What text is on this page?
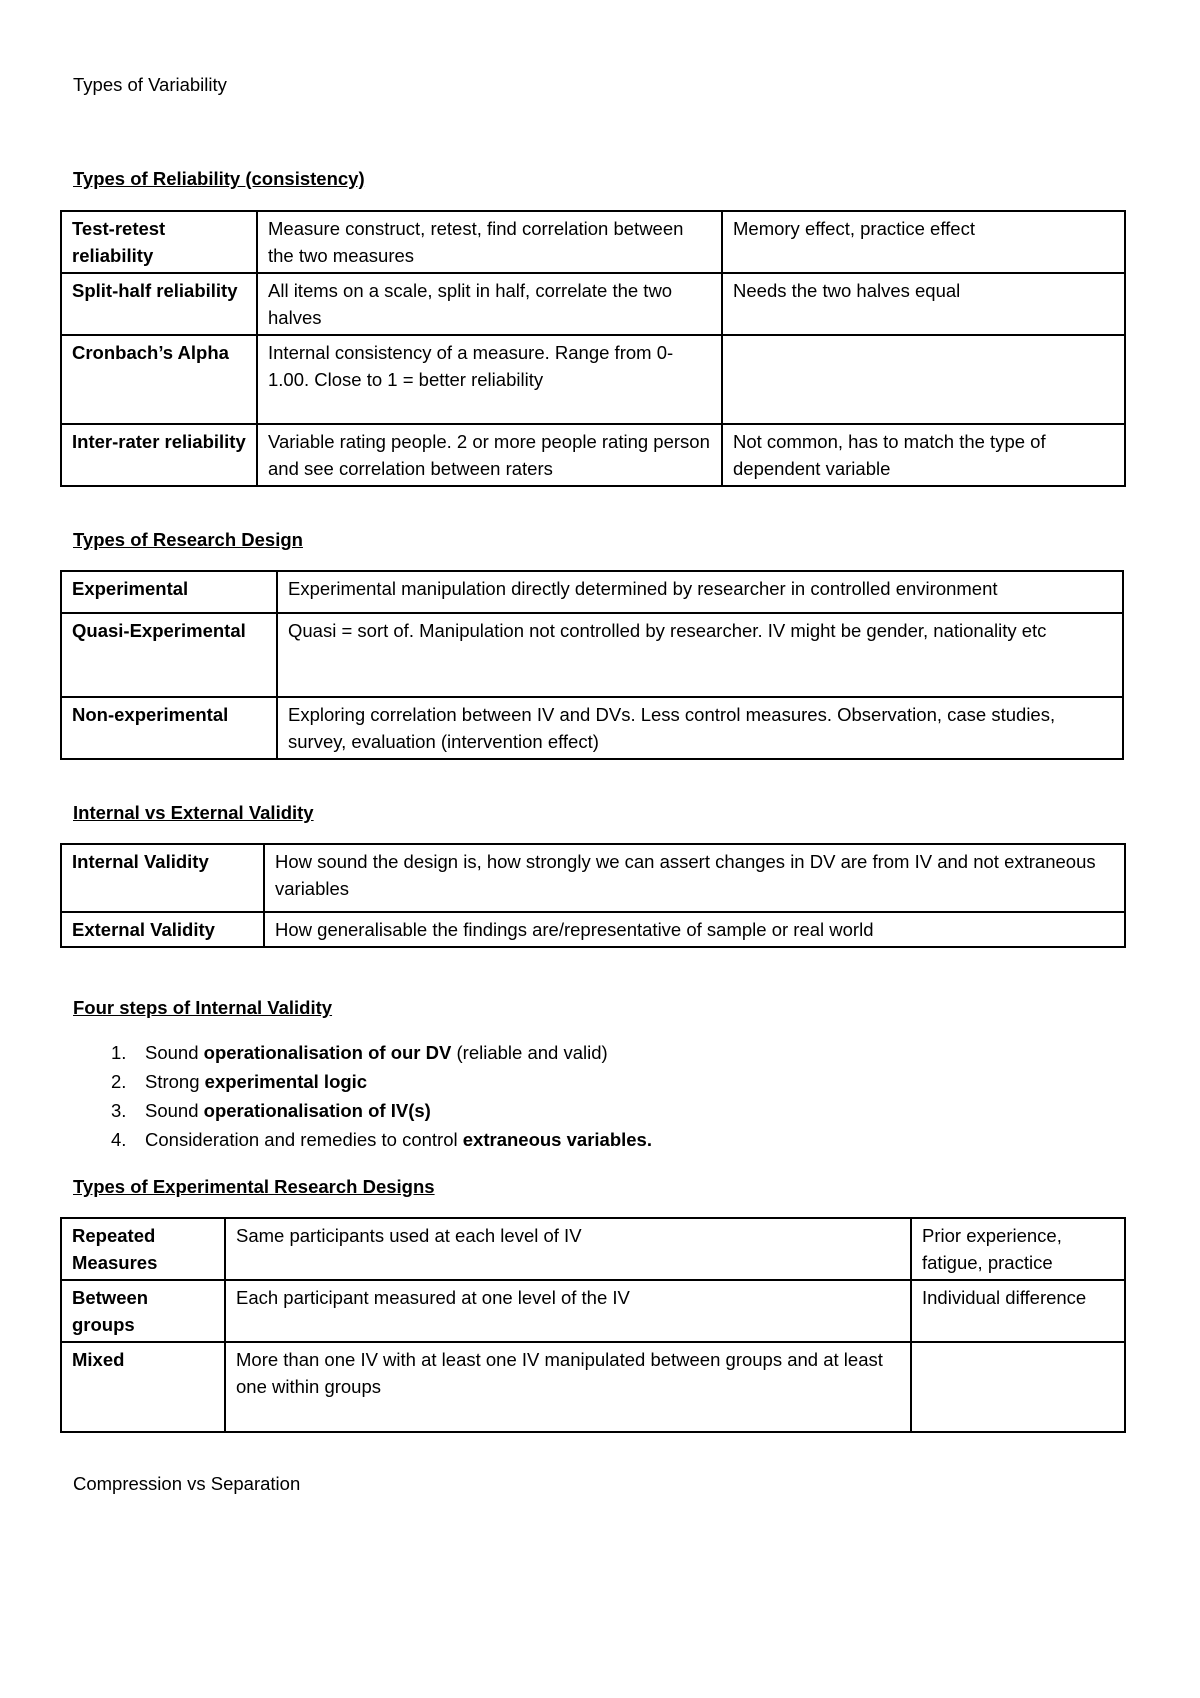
Types of Variability
Types of Reliability (consistency)
Test-retest reliability	Measure construct, retest, find correlation between the two measures	Memory effect, practice effect
Split-half reliability	All items on a scale, split in half, correlate the two halves	Needs the two halves equal
Cronbach’s Alpha	Internal consistency of a measure. Range from 0-1.00. Close to 1 = better reliability	
Inter-rater reliability	Variable rating people. 2 or more people rating person and see correlation between raters	Not common, has to match the type of dependent variable
Types of Research Design
Experimental	Experimental manipulation directly determined by researcher in controlled environment
Quasi-Experimental	Quasi = sort of. Manipulation not controlled by researcher. IV might be gender, nationality etc
Non-experimental	Exploring correlation between IV and DVs. Less control measures. Observation, case studies, survey, evaluation (intervention effect)
Internal vs External Validity
Internal Validity	How sound the design is, how strongly we can assert changes in DV are from IV and not extraneous variables
External Validity	How generalisable the findings are/representative of sample or real world
Four steps of Internal Validity
1. Sound operationalisation of our DV (reliable and valid)
2. Strong experimental logic
3. Sound operationalisation of IV(s)
4. Consideration and remedies to control extraneous variables.
Types of Experimental Research Designs
Repeated Measures	Same participants used at each level of IV	Prior experience, fatigue, practice
Between groups	Each participant measured at one level of the IV	Individual difference
Mixed	More than one IV with at least one IV manipulated between groups and at least one within groups	
Compression vs Separation
